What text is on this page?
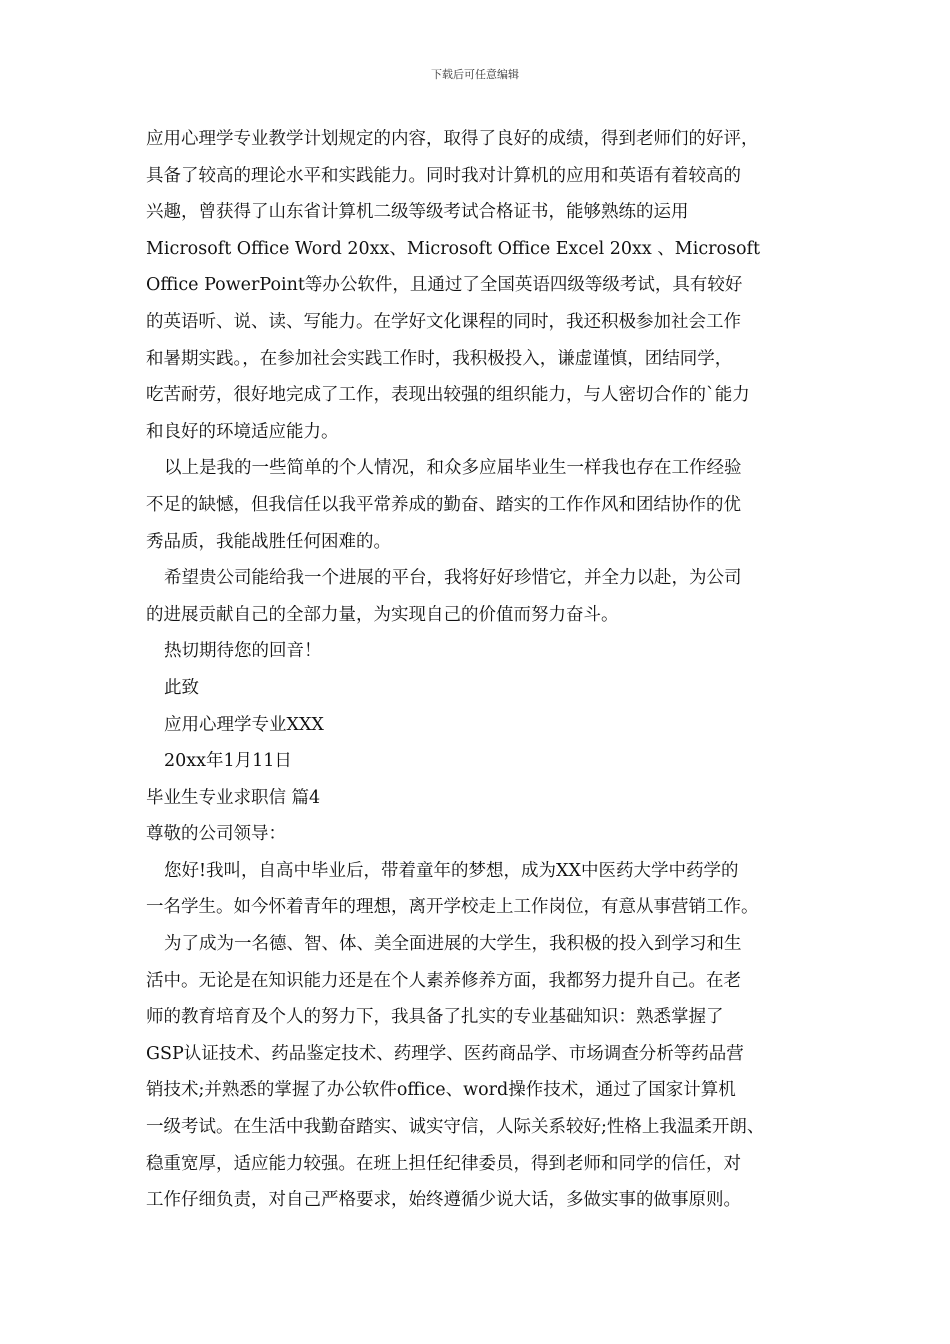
下载后可任意编辑

应用心理学专业教学计划规定的内容，取得了良好的成绩，得到老师们的好评，

具备了较高的理论水平和实践能力。同时我对计算机的应用和英语有着较高的

兴趣，曾获得了山东省计算机二级等级考试合格证书，能够熟练的运用

Microsoft Office Word 20xx、Microsoft Office Excel 20xx 、Microsoft

Office PowerPoint等办公软件，且通过了全国英语四级等级考试，具有较好

的英语听、说、读、写能力。在学好文化课程的同时，我还积极参加社会工作

和暑期实践。，在参加社会实践工作时，我积极投入，谦虚谨慎，团结同学，

吃苦耐劳，很好地完成了工作，表现出较强的组织能力，与人密切合作的`能力

和良好的环境适应能力。

以上是我的一些简单的个人情况，和众多应届毕业生一样我也存在工作经验

不足的缺憾，但我信任以我平常养成的勤奋、踏实的工作作风和团结协作的优

秀品质，我能战胜任何困难的。

希望贵公司能给我一个进展的平台，我将好好珍惜它，并全力以赴，为公司

的进展贡献自己的全部力量，为实现自己的价值而努力奋斗。

热切期待您的回音！

此致

应用心理学专业XXX

20xx年1月11日

毕业生专业求职信 篇4

尊敬的公司领导：

您好!我叫，自高中毕业后，带着童年的梦想，成为XX中医药大学中药学的

一名学生。如今怀着青年的理想，离开学校走上工作岗位，有意从事营销工作。

为了成为一名德、智、体、美全面进展的大学生，我积极的投入到学习和生

活中。无论是在知识能力还是在个人素养修养方面，我都努力提升自己。在老

师的教育培育及个人的努力下，我具备了扎实的专业基础知识：熟悉掌握了

GSP认证技术、药品鉴定技术、药理学、医药商品学、市场调查分析等药品营

销技术;并熟悉的掌握了办公软件office、word操作技术，通过了国家计算机

一级考试。在生活中我勤奋踏实、诚实守信，人际关系较好;性格上我温柔开朗、

稳重宽厚，适应能力较强。在班上担任纪律委员，得到老师和同学的信任，对

工作仔细负责，对自己严格要求，始终遵循少说大话，多做实事的做事原则。
